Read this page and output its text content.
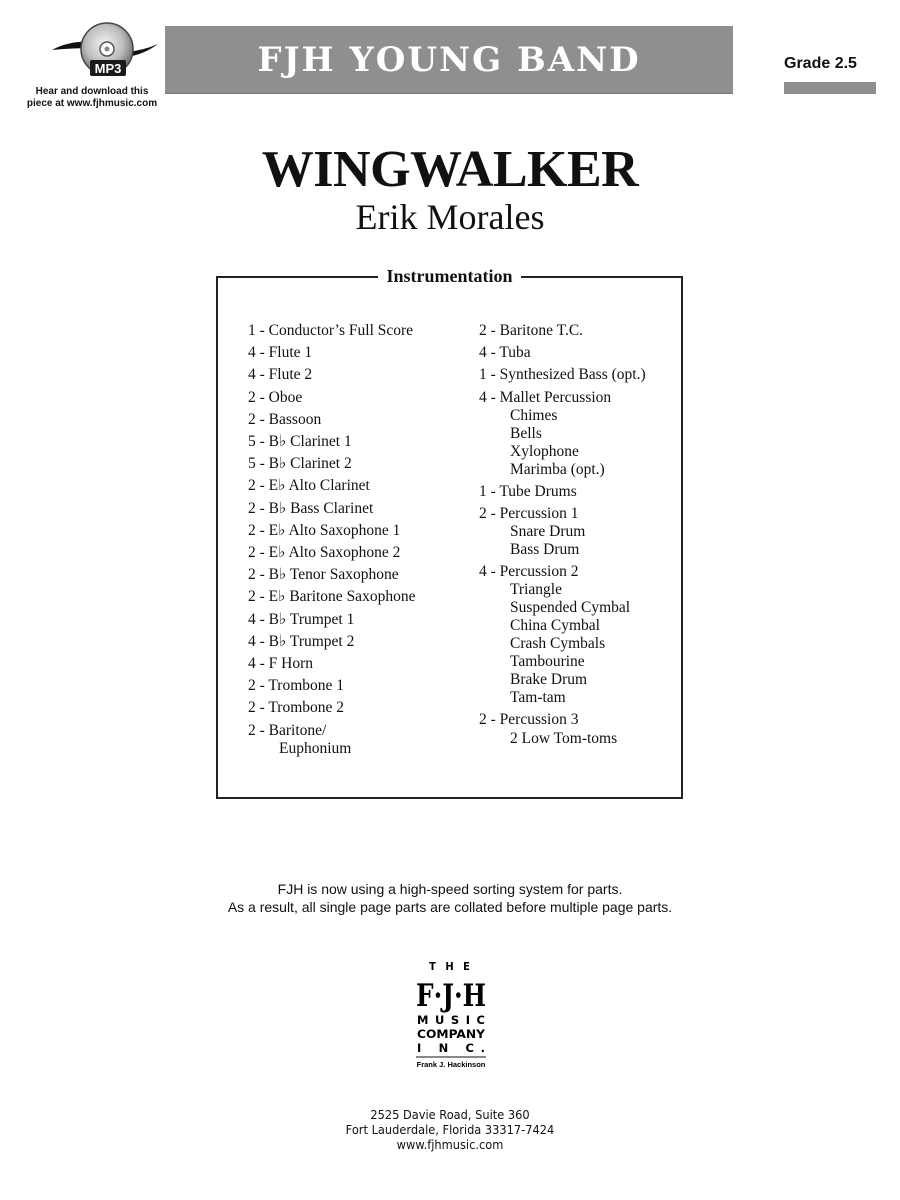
MP3
Hear and download this
piece at www.fjhmusic.com
FJH YOUNG BAND	Grade 2.5
WINGWALKER
Erik Morales
Instrumentation
1 - Conductor’s Full Score
4 - Flute 1
4 - Flute 2
2 - Oboe
2 - Bassoon
5 - B♭ Clarinet 1
5 - B♭ Clarinet 2
2 - E♭ Alto Clarinet
2 - B♭ Bass Clarinet
2 - E♭ Alto Saxophone 1
2 - E♭ Alto Saxophone 2
2 - B♭ Tenor Saxophone
2 - E♭ Baritone Saxophone
4 - B♭ Trumpet 1
4 - B♭ Trumpet 2
4 - F Horn
2 - Trombone 1
2 - Trombone 2
2 - Baritone/
Euphonium
2 - Baritone T.C.
4 - Tuba
1 - Synthesized Bass (opt.)
4 - Mallet Percussion
Chimes
Bells
Xylophone
Marimba (opt.)
1 - Tube Drums
2 - Percussion 1
Snare Drum
Bass Drum
4 - Percussion 2
Triangle
Suspended Cymbal
China Cymbal
Crash Cymbals
Tambourine
Brake Drum
Tam-tam
2 - Percussion 3
2 Low Tom-toms
FJH is now using a high-speed sorting system for parts.
As a result, all single page parts are collated before multiple page parts.
T H E
F·J·H
MUSIC
COMPANY
I N C.
Frank J. Hackinson
2525 Davie Road, Suite 360
Fort Lauderdale, Florida 33317-7424
www.fjhmusic.com
